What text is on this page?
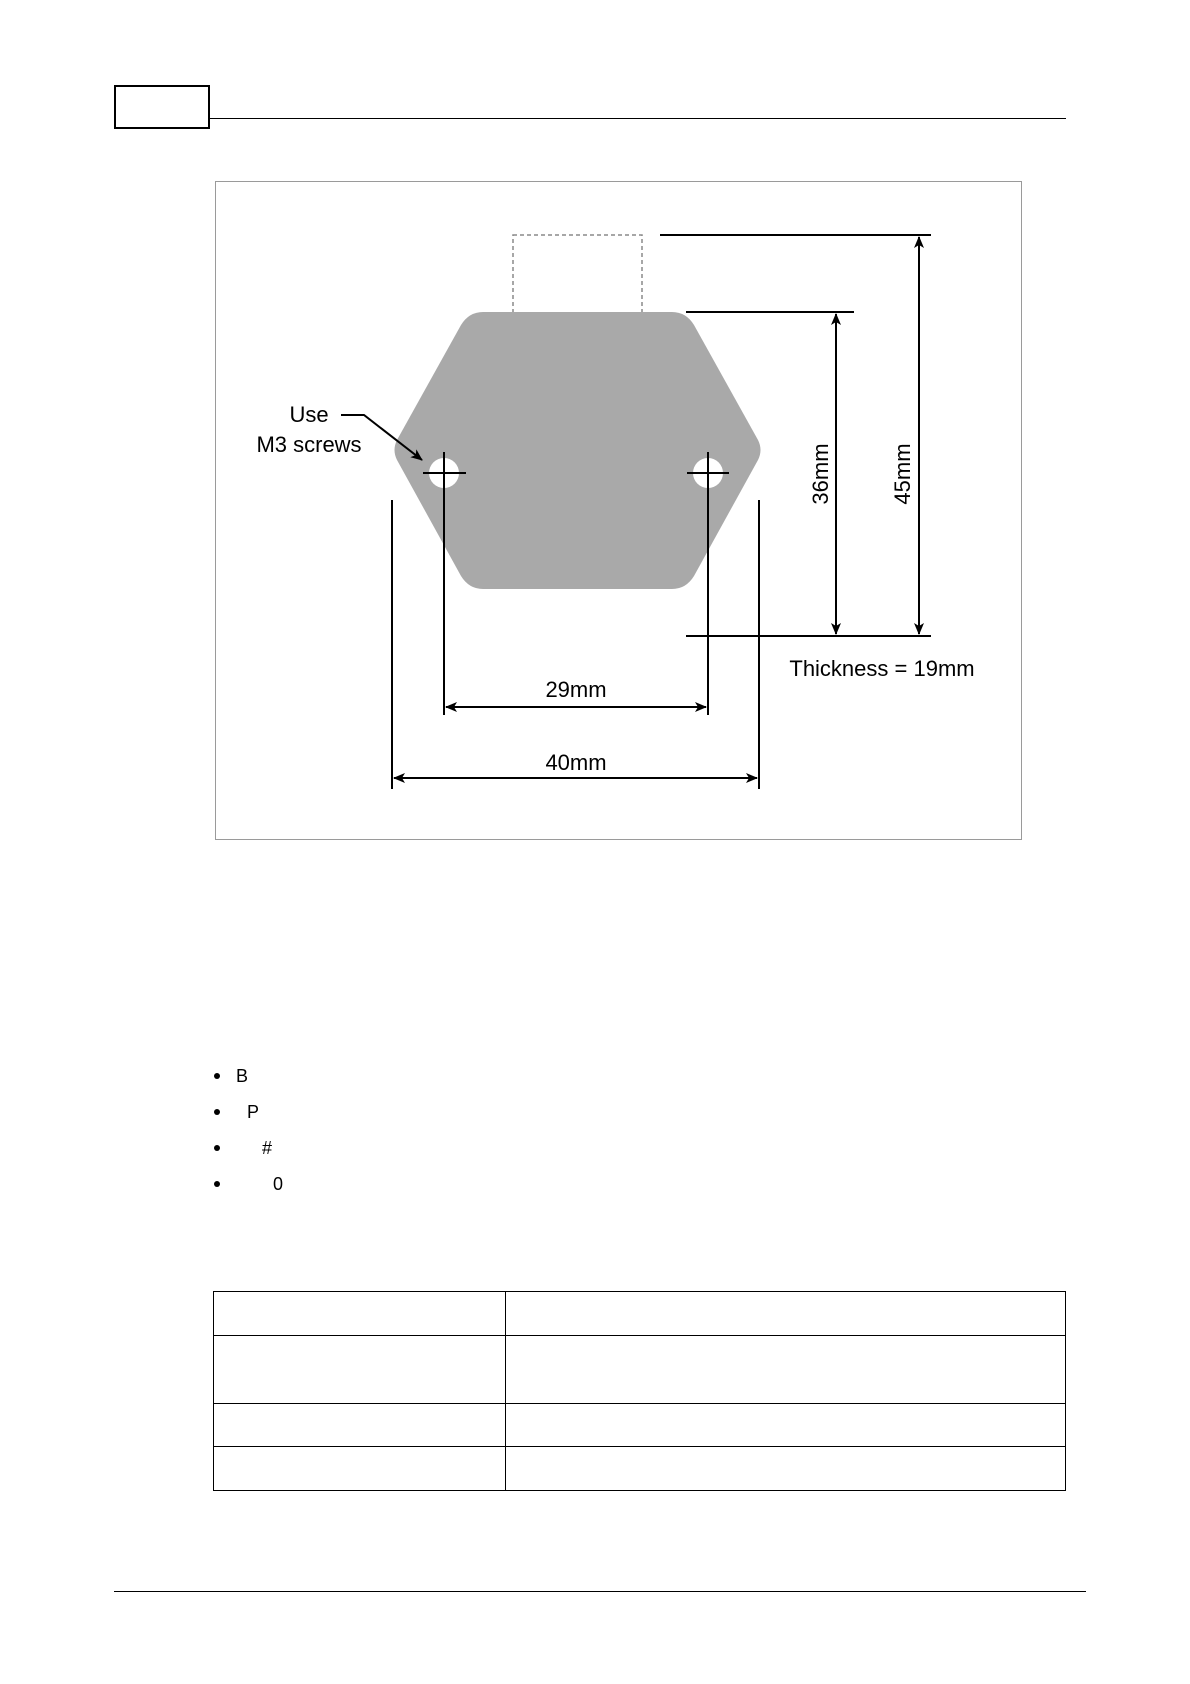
Use
M3 screws
29mm
40mm
36mm	45mm
Thickness = 19mm
B
P
#
0
